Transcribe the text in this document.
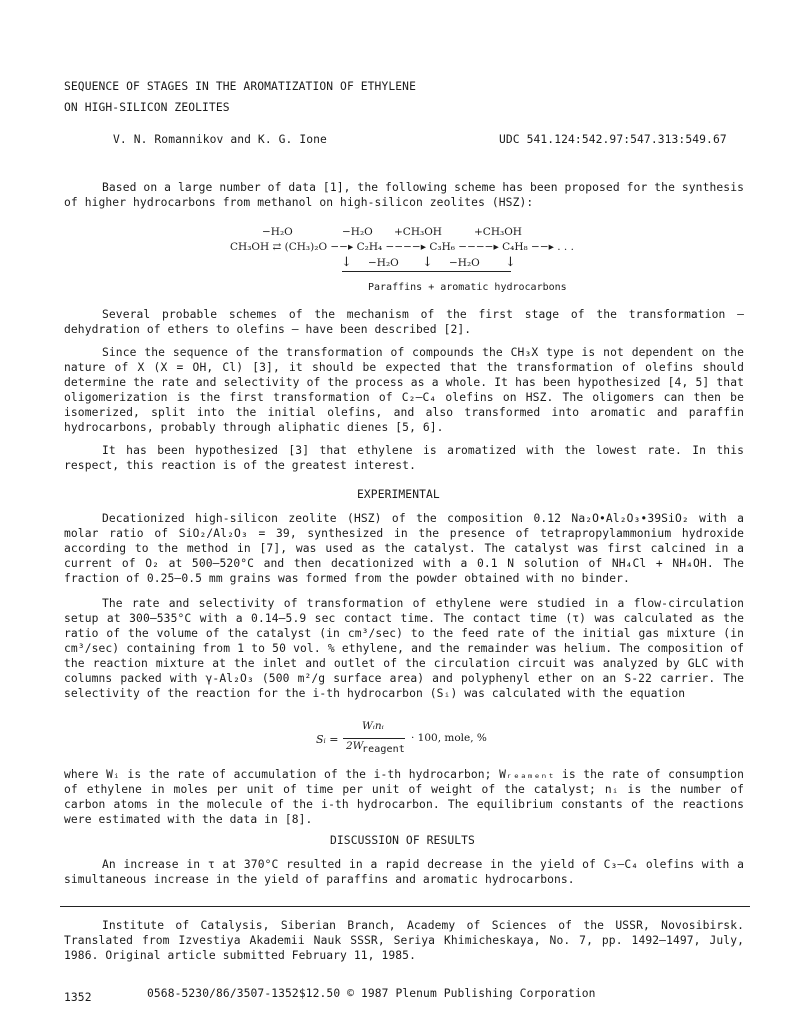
SEQUENCE OF STAGES IN THE AROMATIZATION OF ETHYLENE
ON HIGH-SILICON ZEOLITES
V. N. Romannikov and K. G. Ione	UDC 541.124:542.97:547.313:549.67

Based on a large number of data [1], the following scheme has been proposed for the synthesis of higher hydrocarbons from methanol on high-silicon zeolites (HSZ):

−H₂O	−H₂O +CH₃OH	+CH₃OH
CH₃OH ⇄ (CH₃)₂O −−▸ C₂H₄ −−−−▸ C₃H₆ −−−−▸ C₄H₈ −−▸ . . .
↓	↓	↓
−H₂O	−H₂O
Paraffins + aromatic hydrocarbons

Several probable schemes of the mechanism of the first stage of the transformation — dehydration of ethers to olefins — have been described [2].

Since the sequence of the transformation of compounds the CH₃X type is not dependent on the nature of X (X = OH, Cl) [3], it should be expected that the transformation of olefins should determine the rate and selectivity of the process as a whole. It has been hypothesized [4, 5] that oligomerization is the first transformation of C₂–C₄ olefins on HSZ. The oligomers can then be isomerized, split into the initial olefins, and also transformed into aromatic and paraffin hydrocarbons, probably through aliphatic dienes [5, 6].

It has been hypothesized [3] that ethylene is aromatized with the lowest rate. In this respect, this reaction is of the greatest interest.

EXPERIMENTAL

Decationized high-silicon zeolite (HSZ) of the composition 0.12 Na₂O•Al₂O₃•39SiO₂ with a molar ratio of SiO₂/Al₂O₃ = 39, synthesized in the presence of tetrapropylammonium hydroxide according to the method in [7], was used as the catalyst. The catalyst was first calcined in a current of O₂ at 500–520°C and then decationized with a 0.1 N solution of NH₄Cl + NH₄OH. The fraction of 0.25–0.5 mm grains was formed from the powder obtained with no binder.

The rate and selectivity of transformation of ethylene were studied in a flow-circulation setup at 300–535°C with a 0.14–5.9 sec contact time. The contact time (τ) was calculated as the ratio of the volume of the catalyst (in cm³/sec) to the feed rate of the initial gas mixture (in cm³/sec) containing from 1 to 50 vol. % ethylene, and the remainder was helium. The composition of the reaction mixture at the inlet and outlet of the circulation circuit was analyzed by GLC with columns packed with γ-Al₂O₃ (500 m²/g surface area) and polyphenyl ether on an S-22 carrier. The selectivity of the reaction for the i-th hydrocarbon (Sᵢ) was calculated with the equation

Sᵢ =
Wᵢnᵢ
2W
reagent
· 100, mole, %

where Wᵢ is the rate of accumulation of the i-th hydrocarbon; Wᵣₑₐₘₑₙₜ is the rate of consumption of ethylene in moles per unit of time per unit of weight of the catalyst; nᵢ is the number of carbon atoms in the molecule of the i-th hydrocarbon. The equilibrium constants of the reactions were estimated with the data in [8].

DISCUSSION OF RESULTS

An increase in τ at 370°C resulted in a rapid decrease in the yield of C₃–C₄ olefins with a simultaneous increase in the yield of paraffins and aromatic hydrocarbons.

Institute of Catalysis, Siberian Branch, Academy of Sciences of the USSR, Novosibirsk. Translated from Izvestiya Akademii Nauk SSSR, Seriya Khimicheskaya, No. 7, pp. 1492–1497, July, 1986. Original article submitted February 11, 1985.

1352	0568-5230/86/3507-1352$12.50 © 1987 Plenum Publishing Corporation
